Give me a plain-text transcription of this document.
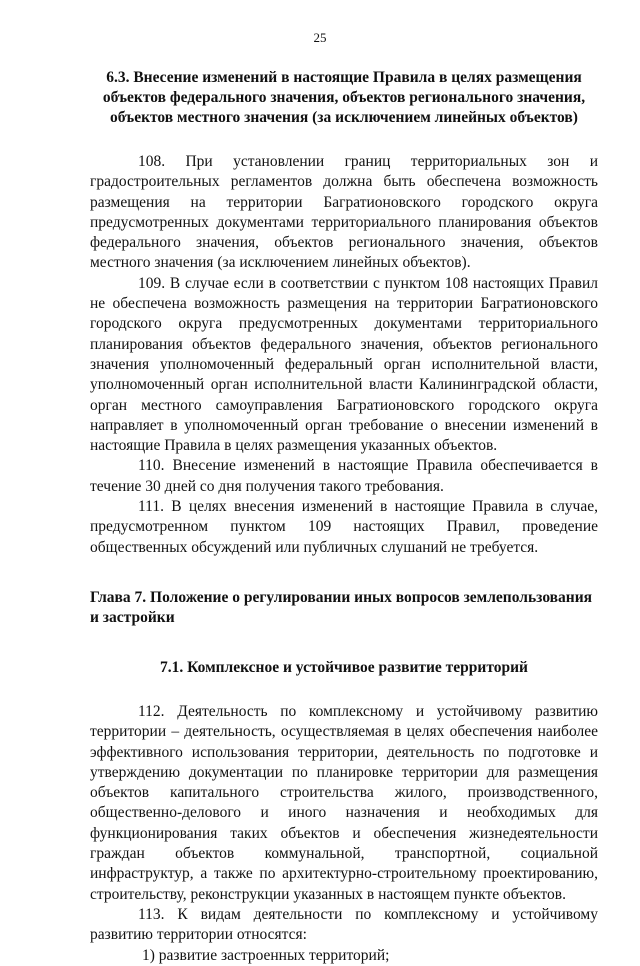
25
6.3. Внесение изменений в настоящие Правила в целях размещения объектов федерального значения, объектов регионального значения, объектов местного значения (за исключением линейных объектов)

108. При установлении границ территориальных зон и градостроительных регламентов должна быть обеспечена возможность размещения на территории Багратионовского городского округа предусмотренных документами территориального планирования объектов федерального значения, объектов регионального значения, объектов местного значения (за исключением линейных объектов).

109. В случае если в соответствии с пунктом 108 настоящих Правил не обеспечена возможность размещения на территории Багратионовского городского округа предусмотренных документами территориального планирования объектов федерального значения, объектов регионального значения уполномоченный федеральный орган исполнительной власти, уполномоченный орган исполнительной власти Калининградской области, орган местного самоуправления Багратионовского городского округа направляет в уполномоченный орган требование о внесении изменений в настоящие Правила в целях размещения указанных объектов.

110. Внесение изменений в настоящие Правила обеспечивается в течение 30 дней со дня получения такого требования.

111. В целях внесения изменений в настоящие Правила в случае, предусмотренном пунктом 109 настоящих Правил, проведение общественных обсуждений или публичных слушаний не требуется.

Глава 7. Положение о регулировании иных вопросов землепользования и застройки
7.1. Комплексное и устойчивое развитие территорий

112. Деятельность по комплексному и устойчивому развитию территории – деятельность, осуществляемая в целях обеспечения наиболее эффективного использования территории, деятельность по подготовке и утверждению документации по планировке территории для размещения объектов капитального строительства жилого, производственного, общественно-делового и иного назначения и необходимых для функционирования таких объектов и обеспечения жизнедеятельности граждан объектов коммунальной, транспортной, социальной инфраструктур, а также по архитектурно-строительному проектированию, строительству, реконструкции указанных в настоящем пункте объектов.

113. К видам деятельности по комплексному и устойчивому развитию территории относятся:

1) развитие застроенных территорий;
